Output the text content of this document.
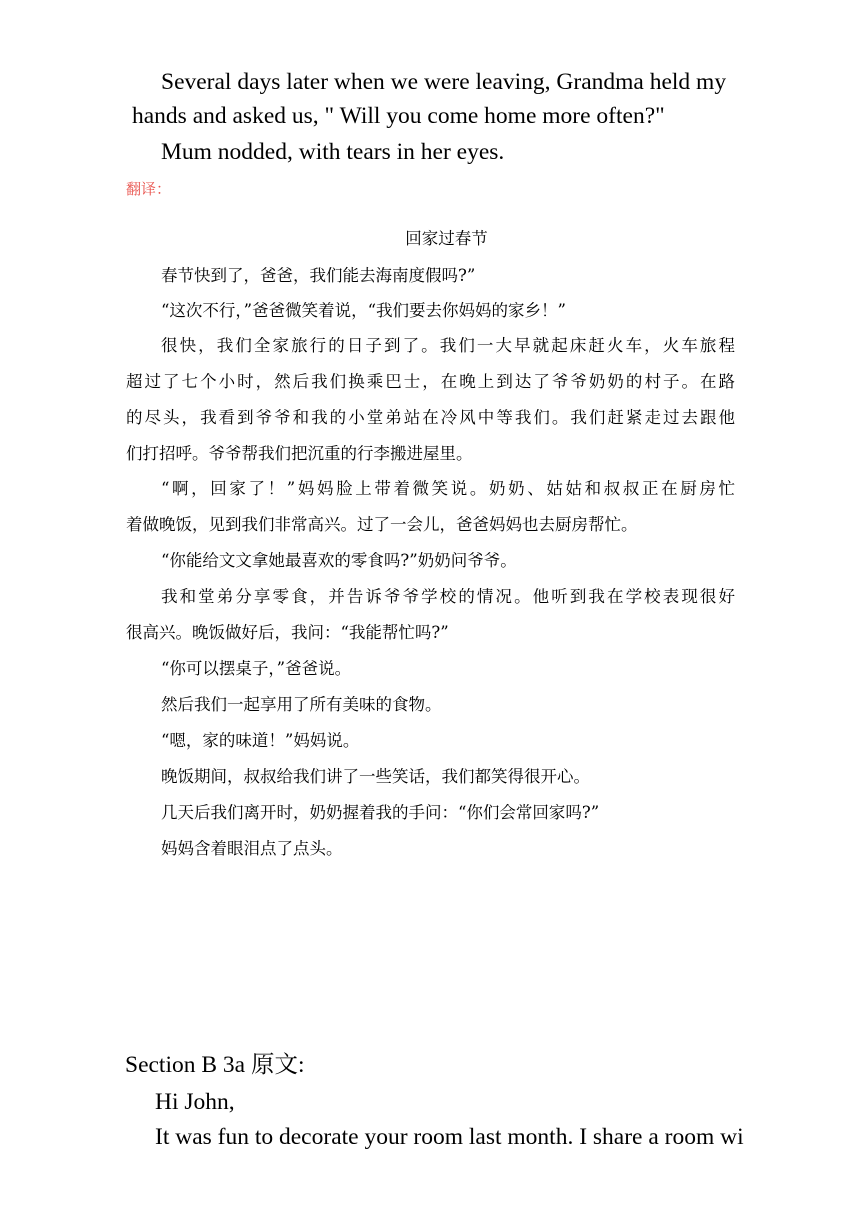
Several days later when we were leaving, Grandma held my
hands and asked us, " Will you come home more often?"
Mum nodded, with tears in her eyes.
翻译：
回家过春节
春节快到了，爸爸，我们能去海南度假吗?”
“这次不行，”爸爸微笑着说，“我们要去你妈妈的家乡！”
很快，我们全家旅行的日子到了。我们一大早就起床赶火车，火车旅程
超过了七个小时，然后我们换乘巴士，在晚上到达了爷爷奶奶的村子。在路
的尽头，我看到爷爷和我的小堂弟站在冷风中等我们。我们赶紧走过去跟他
们打招呼。爷爷帮我们把沉重的行李搬进屋里。
“啊，回家了！”妈妈脸上带着微笑说。奶奶、姑姑和叔叔正在厨房忙
着做晚饭，见到我们非常高兴。过了一会儿，爸爸妈妈也去厨房帮忙。
“你能给文文拿她最喜欢的零食吗?”奶奶问爷爷。
我和堂弟分享零食，并告诉爷爷学校的情况。他听到我在学校表现很好
很高兴。晚饭做好后，我问：“我能帮忙吗?”
“你可以摆桌子，”爸爸说。
然后我们一起享用了所有美味的食物。
“嗯，家的味道！”妈妈说。
晚饭期间，叔叔给我们讲了一些笑话，我们都笑得很开心。
几天后我们离开时，奶奶握着我的手问：“你们会常回家吗?”
妈妈含着眼泪点了点头。
Section B 3a 原文:
Hi John,
It was fun to decorate your room last month. I share a room wi
